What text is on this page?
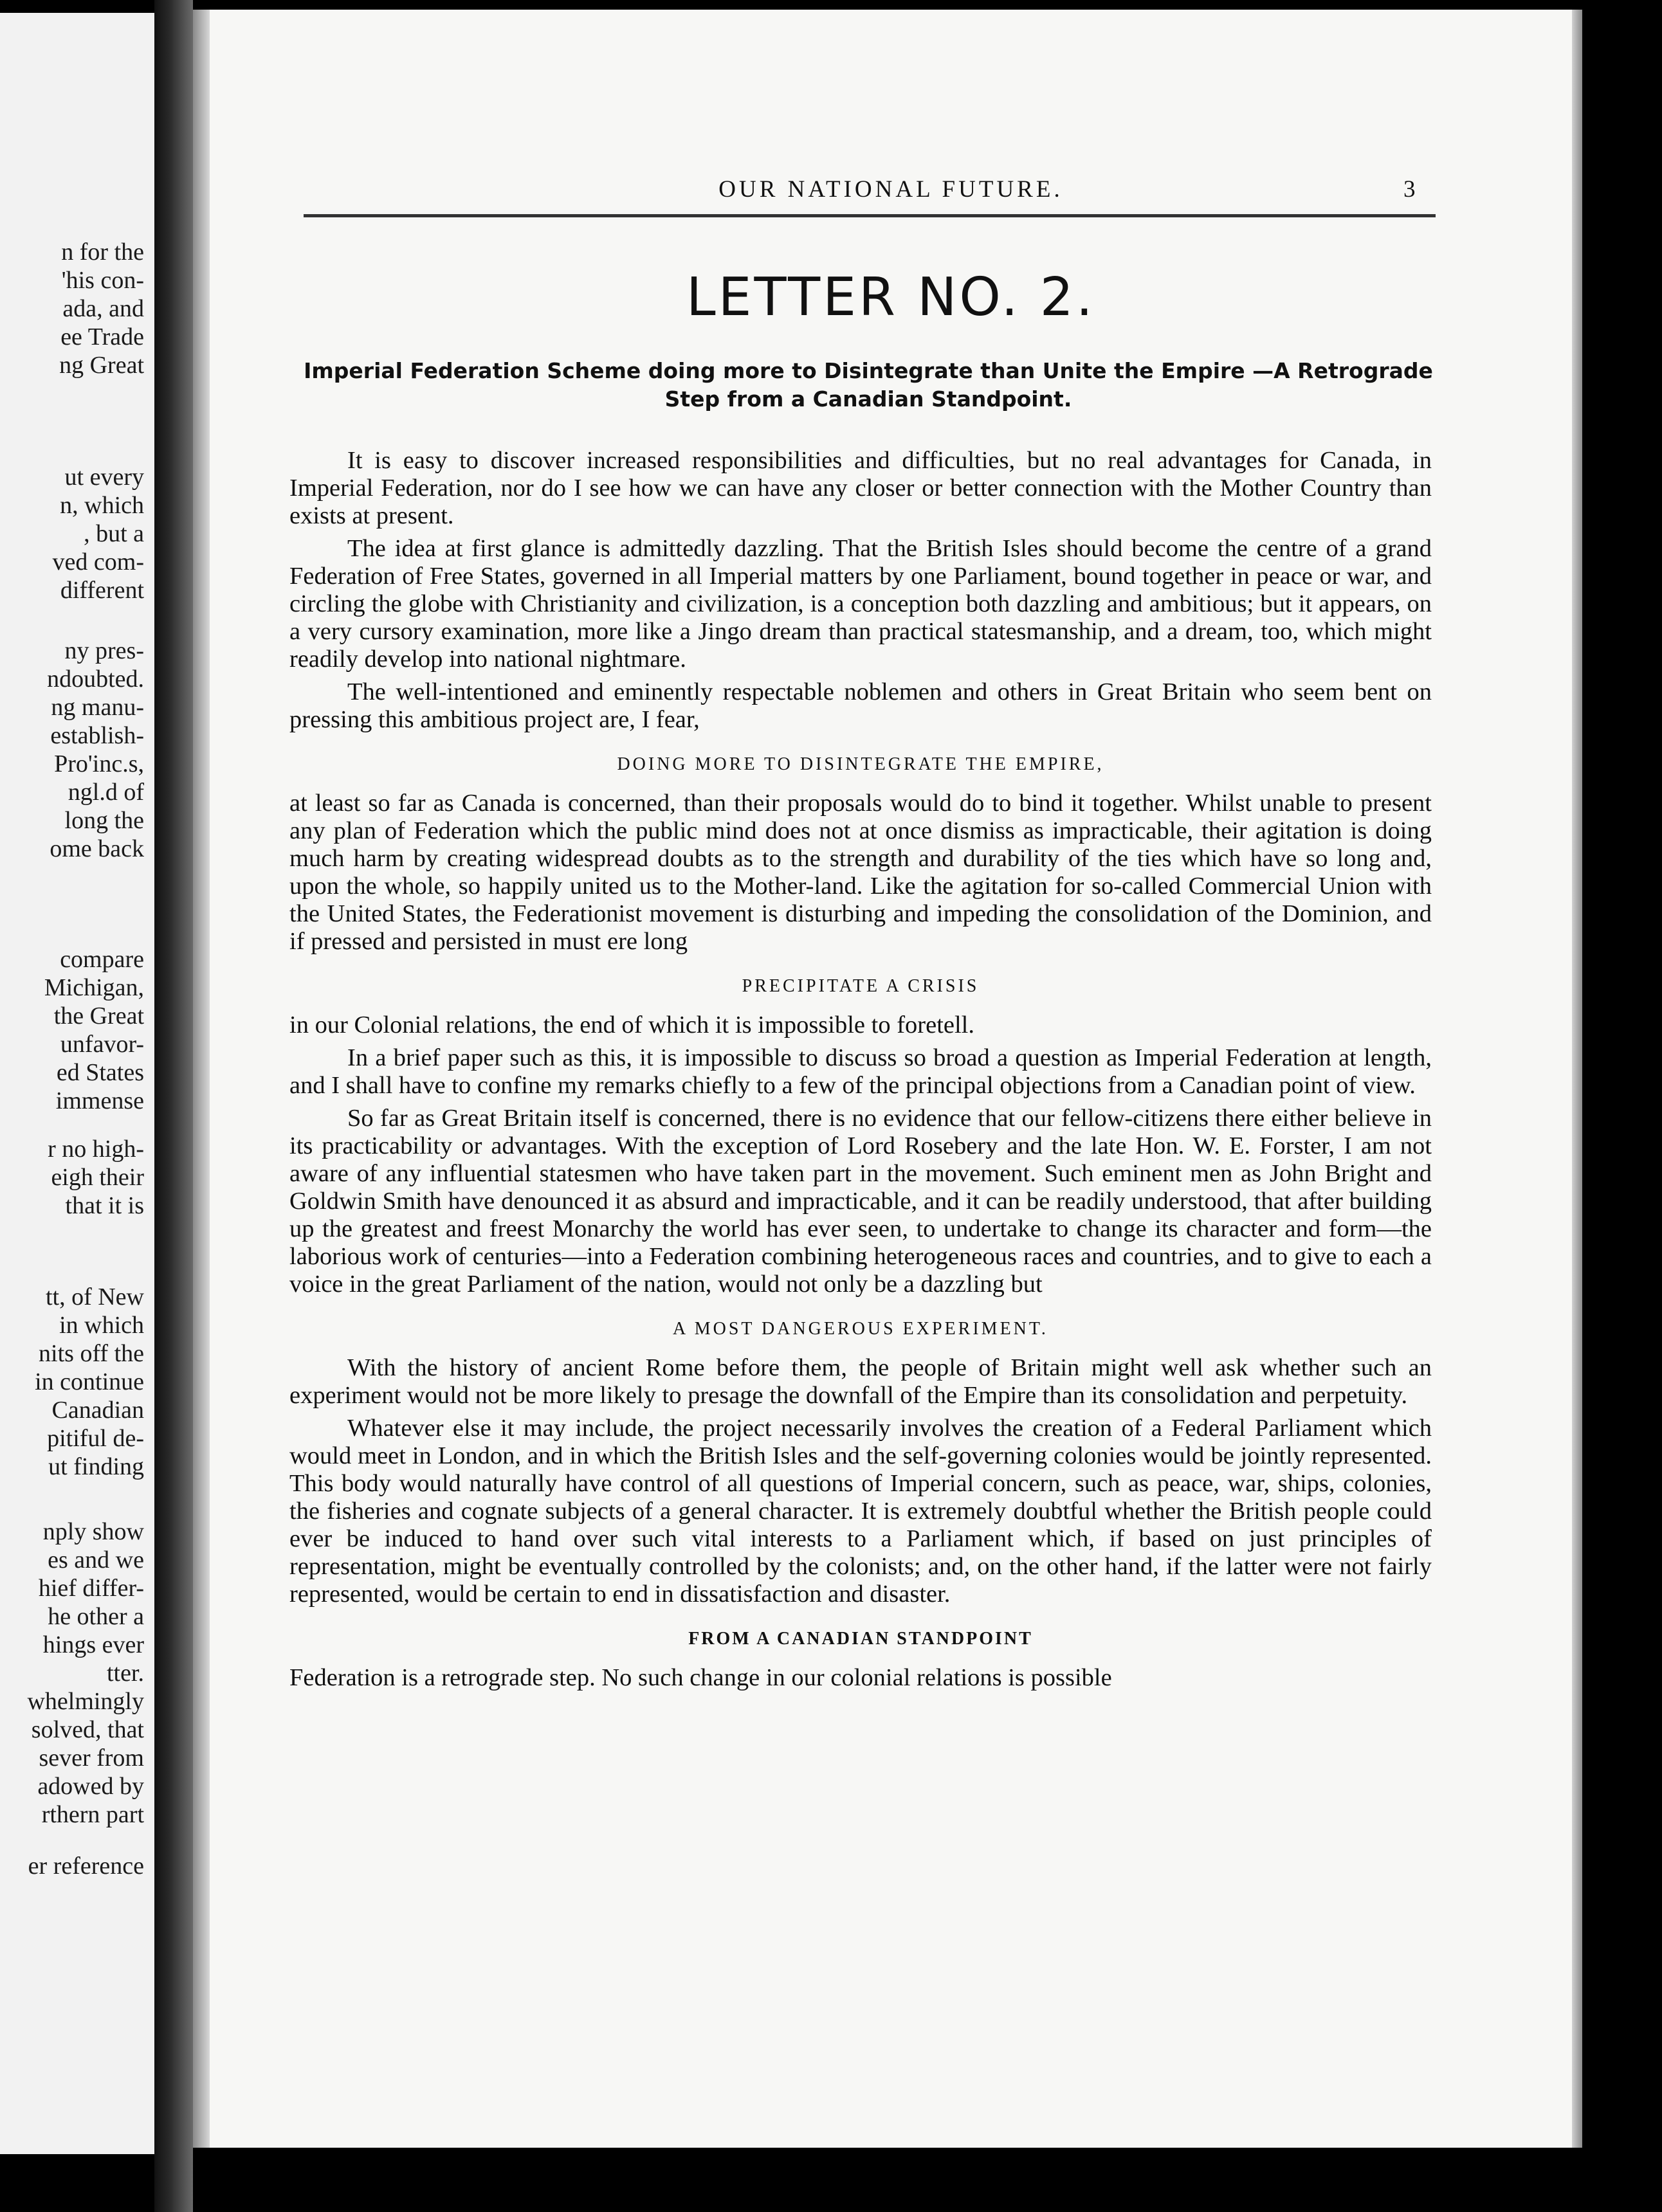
n for the
'his con-
ada, and
ee Trade
ng Great
ut every
n, which
, but a
ved com-
different
ny pres-
ndoubted.
ng manu-
establish-
Pro'inc.s,
ngl.d of
long the
ome back
compare
Michigan,
the Great
unfavor-
ed States
immense
r no high-
eigh their
that it is
tt, of New
in which
nits off the
in continue
Canadian
pitiful de-
ut finding
nply show
es and we
hief differ-
he other a
hings ever
tter.
whelmingly
solved, that
sever from
adowed by
rthern part
er reference
OUR NATIONAL FUTURE.	3
LETTER NO. 2.
Imperial Federation Scheme doing more to Disintegrate than Unite the Empire —A Retrograde Step from a Canadian Standpoint.

It is easy to discover increased responsibilities and difficulties, but no real advantages for Canada, in Imperial Federation, nor do I see how we can have any closer or better connection with the Mother Country than exists at present.

The idea at first glance is admittedly dazzling. That the British Isles should become the centre of a grand Federation of Free States, governed in all Imperial matters by one Parliament, bound together in peace or war, and circling the globe with Christianity and civilization, is a conception both dazzling and ambitious; but it appears, on a very cursory examination, more like a Jingo dream than practical statesmanship, and a dream, too, which might readily develop into national nightmare.

The well-intentioned and eminently respectable noblemen and others in Great Britain who seem bent on pressing this ambitious project are, I fear,

DOING MORE TO DISINTEGRATE THE EMPIRE,

at least so far as Canada is concerned, than their proposals would do to bind it together. Whilst unable to present any plan of Federation which the public mind does not at once dismiss as impracticable, their agitation is doing much harm by creating widespread doubts as to the strength and durability of the ties which have so long and, upon the whole, so happily united us to the Mother-land. Like the agitation for so-called Commercial Union with the United States, the Federationist movement is disturbing and impeding the consolidation of the Dominion, and if pressed and persisted in must ere long

PRECIPITATE A CRISIS

in our Colonial relations, the end of which it is impossible to foretell.

In a brief paper such as this, it is impossible to discuss so broad a question as Imperial Federation at length, and I shall have to confine my remarks chiefly to a few of the principal objections from a Canadian point of view.

So far as Great Britain itself is concerned, there is no evidence that our fellow-citizens there either believe in its practicability or advantages. With the exception of Lord Rosebery and the late Hon. W. E. Forster, I am not aware of any influential statesmen who have taken part in the movement. Such eminent men as John Bright and Goldwin Smith have denounced it as absurd and impracticable, and it can be readily understood, that after building up the greatest and freest Monarchy the world has ever seen, to undertake to change its character and form—the laborious work of centuries—into a Federation combining heterogeneous races and countries, and to give to each a voice in the great Parliament of the nation, would not only be a dazzling but

A MOST DANGEROUS EXPERIMENT.

With the history of ancient Rome before them, the people of Britain might well ask whether such an experiment would not be more likely to presage the downfall of the Empire than its consolidation and perpetuity.

Whatever else it may include, the project necessarily involves the creation of a Federal Parliament which would meet in London, and in which the British Isles and the self-governing colonies would be jointly represented. This body would naturally have control of all questions of Imperial concern, such as peace, war, ships, colonies, the fisheries and cognate subjects of a general character. It is extremely doubtful whether the British people could ever be induced to hand over such vital interests to a Parliament which, if based on just principles of representation, might be eventually controlled by the colonists; and, on the other hand, if the latter were not fairly represented, would be certain to end in dissatisfaction and disaster.

FROM A CANADIAN STANDPOINT

Federation is a retrograde step. No such change in our colonial relations is possible
